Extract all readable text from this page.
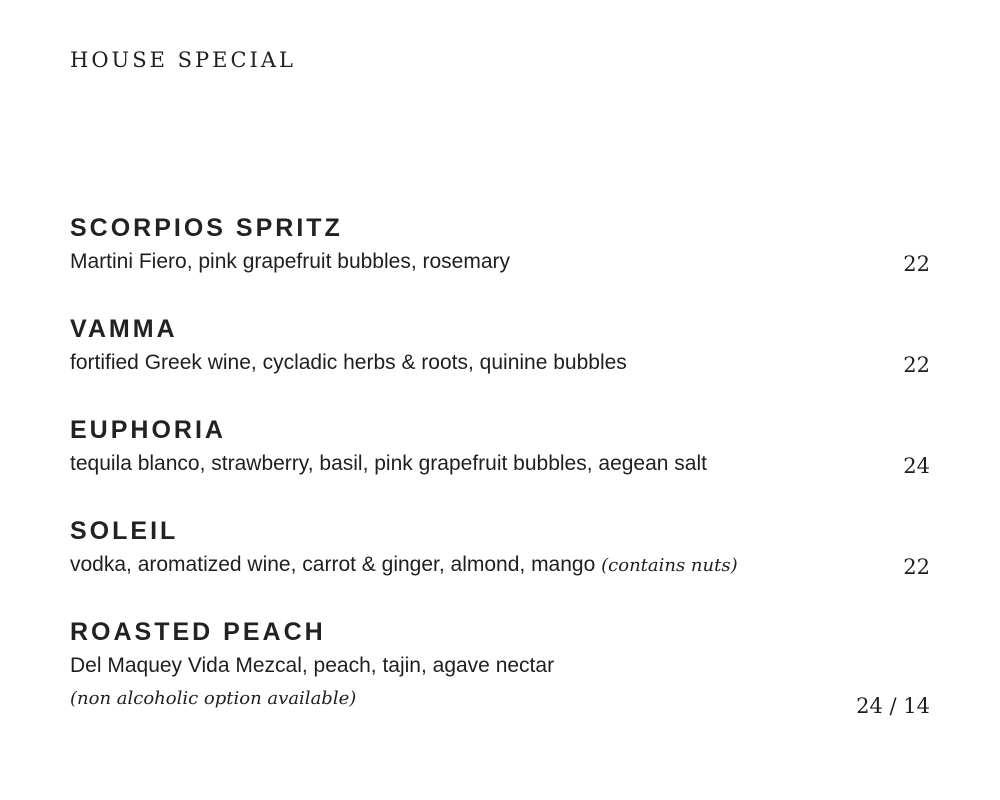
HOUSE SPECIAL
SCORPIOS SPRITZ

Martini Fiero, pink grapefruit bubbles, rosemary	22
VAMMA

fortified Greek wine, cycladic herbs & roots, quinine bubbles	22
EUPHORIA

tequila blanco, strawberry, basil, pink grapefruit bubbles, aegean salt	24
SOLEIL

vodka, aromatized wine, carrot & ginger, almond, mango (contains nuts)	22
ROASTED PEACH

Del Maquey Vida Mezcal, peach, tajin, agave nectar

(non alcoholic option available)	24 / 14
